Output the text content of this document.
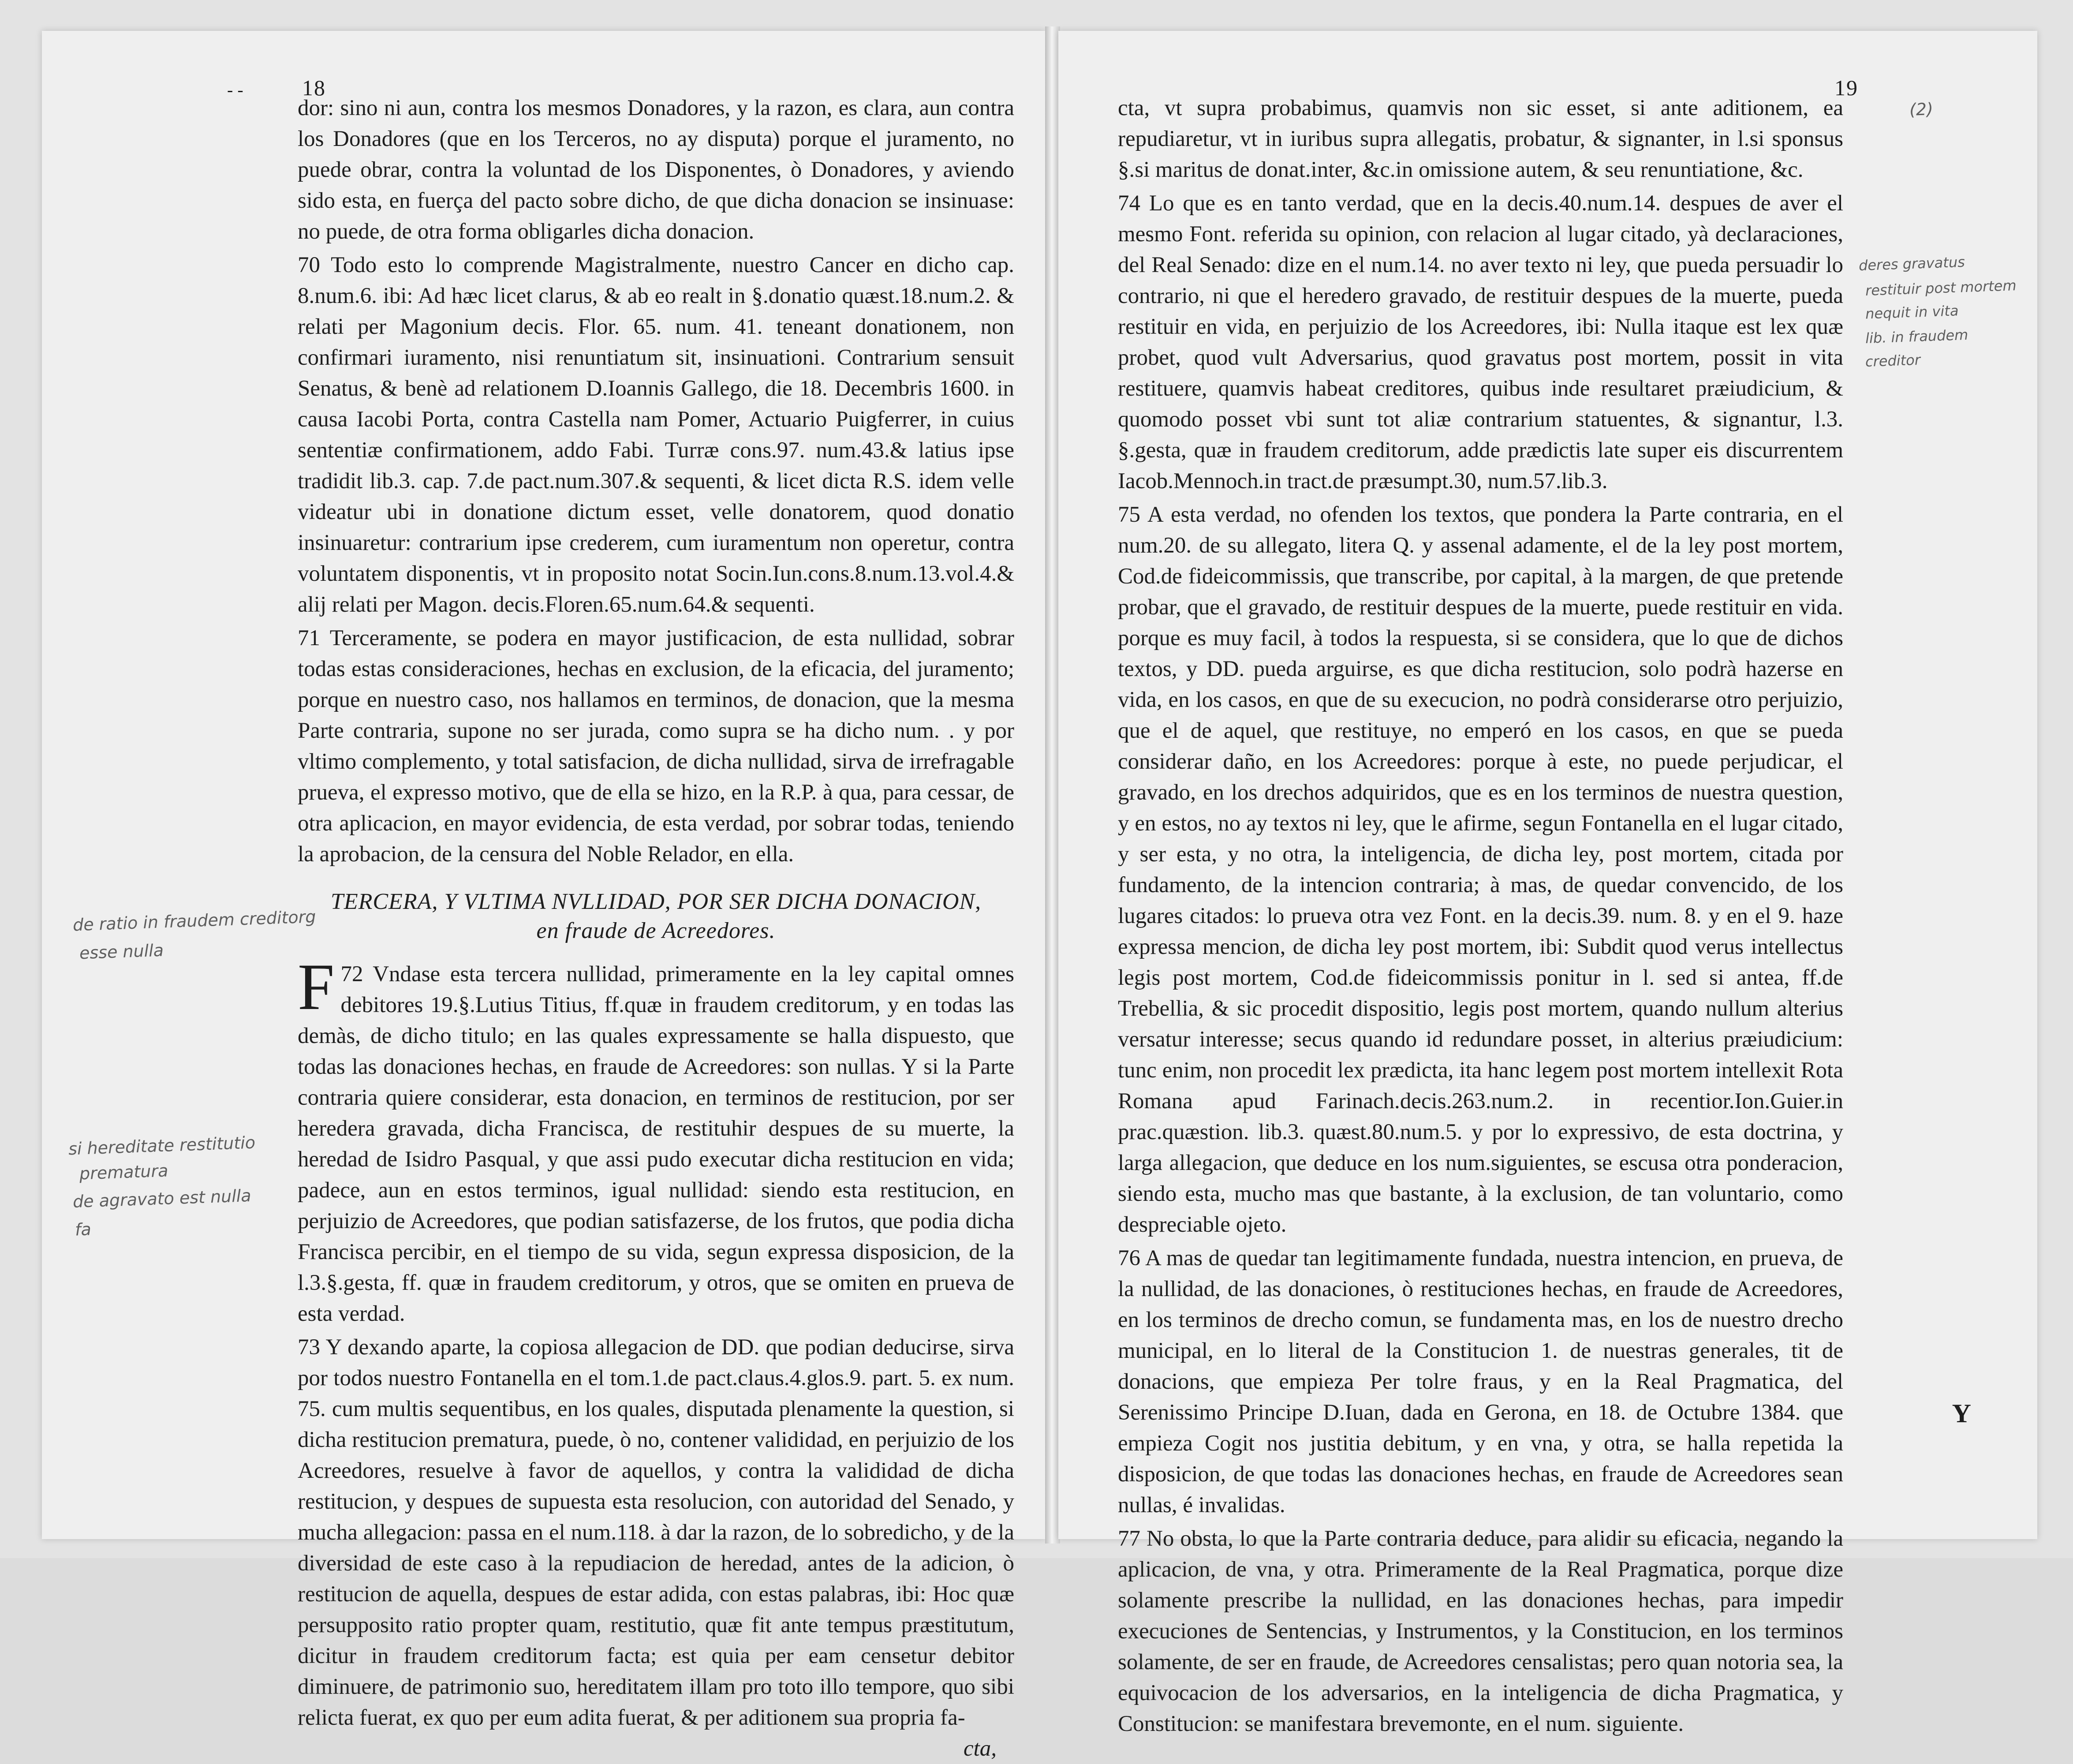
- -	18

dor: sino ni aun, contra los mesmos Donadores, y la razon, es clara, aun contra los Donadores (que en los Terceros, no ay disputa) porque el juramento, no puede obrar, contra la voluntad de los Disponentes, ò Donadores, y aviendo sido esta, en fuerça del pacto sobre dicho, de que dicha donacion se insinuase: no puede, de otra forma obligarles dicha donacion.

70 Todo esto lo comprende Magistralmente, nuestro Cancer en dicho cap. 8.num.6. ibi: Ad hæc licet clarus, & ab eo realt in §.donatio quæst.18.num.2. & relati per Magonium decis. Flor. 65. num. 41. teneant donationem, non confirmari iuramento, nisi renuntiatum sit, insinuationi. Contrarium sensuit Senatus, & benè ad relationem D.Ioannis Gallego, die 18. Decembris 1600. in causa Iacobi Porta, contra Castella nam Pomer, Actuario Puigferrer, in cuius sententiæ confirmationem, addo Fabi. Turræ cons.97. num.43.& latius ipse tradidit lib.3. cap. 7.de pact.num.307.& sequenti, & licet dicta R.S. idem velle videatur ubi in donatione dictum esset, velle donatorem, quod donatio insinuaretur: contrarium ipse crederem, cum iuramentum non operetur, contra voluntatem disponentis, vt in proposito notat Socin.Iun.cons.8.num.13.vol.4.& alij relati per Magon. decis.Floren.65.num.64.& sequenti.

71 Terceramente, se podera en mayor justificacion, de esta nullidad, sobrar todas estas consideraciones, hechas en exclusion, de la eficacia, del juramento; porque en nuestro caso, nos hallamos en terminos, de donacion, que la mesma Parte contraria, supone no ser jurada, como supra se ha dicho num. . y por vltimo complemento, y total satisfacion, de dicha nullidad, sirva de irrefragable prueva, el expresso motivo, que de ella se hizo, en la R.P. à qua, para cessar, de otra aplicacion, en mayor evidencia, de esta verdad, por sobrar todas, teniendo la aprobacion, de la censura del Noble Relador, en ella.

TERCERA, Y VLTIMA NVLLIDAD, POR SER DICHA DONACION,
en fraude de Acreedores.

F 72 Vndase esta tercera nullidad, primeramente en la ley capital omnes debitores 19.§.Lutius Titius, ff.quæ in fraudem creditorum, y en todas las demàs, de dicho titulo; en las quales expressamente se halla dispuesto, que todas las donaciones hechas, en fraude de Acreedores: son nullas. Y si la Parte contraria quiere considerar, esta donacion, en terminos de restitucion, por ser heredera gravada, dicha Francisca, de restituhir despues de su muerte, la heredad de Isidro Pasqual, y que assi pudo executar dicha restitucion en vida; padece, aun en estos terminos, igual nullidad: siendo esta restitucion, en perjuizio de Acreedores, que podian satisfazerse, de los frutos, que podia dicha Francisca percibir, en el tiempo de su vida, segun expressa disposicion, de la l.3.§.gesta, ff. quæ in fraudem creditorum, y otros, que se omiten en prueva de esta verdad.

73 Y dexando aparte, la copiosa allegacion de DD. que podian deducirse, sirva por todos nuestro Fontanella en el tom.1.de pact.claus.4.glos.9. part. 5. ex num. 75. cum multis sequentibus, en los quales, disputada plenamente la question, si dicha restitucion prematura, puede, ò no, contener valididad, en perjuizio de los Acreedores, resuelve à favor de aquellos, y contra la valididad de dicha restitucion, y despues de supuesta esta resolucion, con autoridad del Senado, y mucha allegacion: passa en el num.118. à dar la razon, de lo sobredicho, y de la diversidad de este caso à la repudiacion de heredad, antes de la adicion, ò restitucion de aquella, despues de estar adida, con estas palabras, ibi: Hoc quæ persupposito ratio propter quam, restitutio, quæ fit ante tempus præstitutum, dicitur in fraudem creditorum facta; est quia per eam censetur debitor diminuere, de patrimonio suo, hereditatem illam pro toto illo tempore, quo sibi relicta fuerat, ex quo per eum adita fuerat, & per aditionem sua propria fa-

cta,
de ratio in fraudem creditorg
esse nulla
si hereditate restitutio
prematura
de agravato est nulla
fa
19

cta, vt supra probabimus, quamvis non sic esset, si ante aditionem, ea repudiaretur, vt in iuribus supra allegatis, probatur, & signanter, in l.si sponsus §.si maritus de donat.inter, &c.in omissione autem, & seu renuntiatione, &c.

74 Lo que es en tanto verdad, que en la decis.40.num.14. despues de aver el mesmo Font. referida su opinion, con relacion al lugar citado, yà declaraciones, del Real Senado: dize en el num.14. no aver texto ni ley, que pueda persuadir lo contrario, ni que el heredero gravado, de restituir despues de la muerte, pueda restituir en vida, en perjuizio de los Acreedores, ibi: Nulla itaque est lex quæ probet, quod vult Adversarius, quod gravatus post mortem, possit in vita restituere, quamvis habeat creditores, quibus inde resultaret præiudicium, & quomodo posset vbi sunt tot aliæ contrarium statuentes, & signantur, l.3. §.gesta, quæ in fraudem creditorum, adde prædictis late super eis discurrentem Iacob.Mennoch.in tract.de præsumpt.30, num.57.lib.3.

75 A esta verdad, no ofenden los textos, que pondera la Parte contraria, en el num.20. de su allegato, litera Q. y assenal adamente, el de la ley post mortem, Cod.de fideicommissis, que transcribe, por capital, à la margen, de que pretende probar, que el gravado, de restituir despues de la muerte, puede restituir en vida. porque es muy facil, à todos la respuesta, si se considera, que lo que de dichos textos, y DD. pueda arguirse, es que dicha restitucion, solo podrà hazerse en vida, en los casos, en que de su execucion, no podrà considerarse otro perjuizio, que el de aquel, que restituye, no emperó en los casos, en que se pueda considerar daño, en los Acreedores: porque à este, no puede perjudicar, el gravado, en los drechos adquiridos, que es en los terminos de nuestra question, y en estos, no ay textos ni ley, que le afirme, segun Fontanella en el lugar citado, y ser esta, y no otra, la inteligencia, de dicha ley, post mortem, citada por fundamento, de la intencion contraria; à mas, de quedar convencido, de los lugares citados: lo prueva otra vez Font. en la decis.39. num. 8. y en el 9. haze expressa mencion, de dicha ley post mortem, ibi: Subdit quod verus intellectus legis post mortem, Cod.de fideicommissis ponitur in l. sed si antea, ff.de Trebellia, & sic procedit dispositio, legis post mortem, quando nullum alterius versatur interesse; secus quando id redundare posset, in alterius præiudicium: tunc enim, non procedit lex prædicta, ita hanc legem post mortem intellexit Rota Romana apud Farinach.decis.263.num.2. in recentior.Ion.Guier.in prac.quæstion. lib.3. quæst.80.num.5. y por lo expressivo, de esta doctrina, y larga allegacion, que deduce en los num.siguientes, se escusa otra ponderacion, siendo esta, mucho mas que bastante, à la exclusion, de tan voluntario, como despreciable ojeto.

76 A mas de quedar tan legitimamente fundada, nuestra intencion, en prueva, de la nullidad, de las donaciones, ò restituciones hechas, en fraude de Acreedores, en los terminos de drecho comun, se fundamenta mas, en los de nuestro drecho municipal, en lo literal de la Constitucion 1. de nuestras generales, tit de donacions, que empieza Per tolre fraus, y en la Real Pragmatica, del Serenissimo Principe D.Iuan, dada en Gerona, en 18. de Octubre 1384. que empieza Cogit nos justitia debitum, y en vna, y otra, se halla repetida la disposicion, de que todas las donaciones hechas, en fraude de Acreedores sean nullas, é invalidas.

77 No obsta, lo que la Parte contraria deduce, para alidir su eficacia, negando la aplicacion, de vna, y otra. Primeramente de la Real Pragmatica, porque dize solamente prescribe la nullidad, en las donaciones hechas, para impedir execuciones de Sentencias, y Instrumentos, y la Constitucion, en los terminos solamente, de ser en fraude, de Acreedores censalistas; pero quan notoria sea, la equivocacion de los adversarios, en la inteligencia de dicha Pragmatica, y Constitucion: se manifestara brevemonte, en el num. siguiente.

Y
(2)
deres gravatus
restituir post mortem
nequit in vita
lib. in fraudem
creditor
